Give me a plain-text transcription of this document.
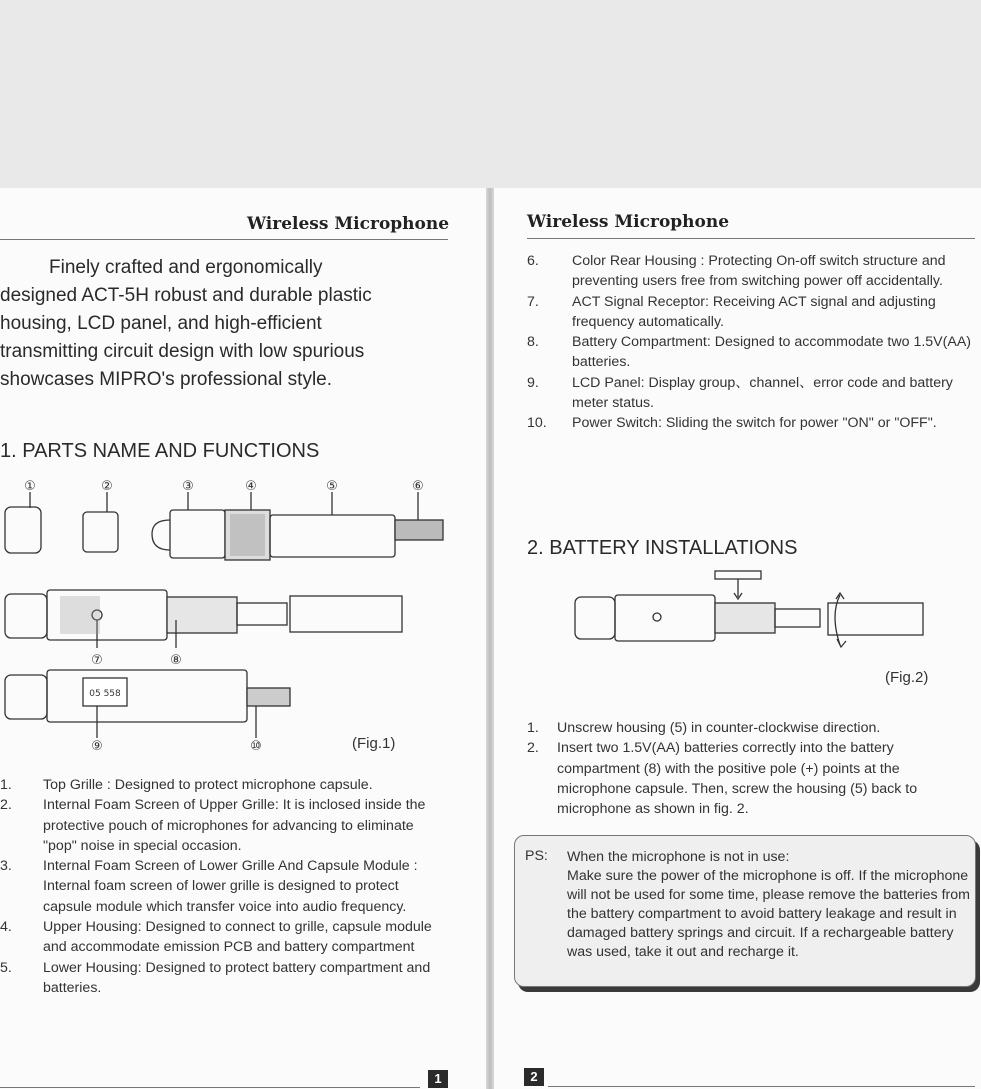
Wireless Microphone
Finely crafted and ergonomically
designed ACT-5H robust and durable plastic
housing, LCD panel, and high-efficient
transmitting circuit design with low spurious
showcases MIPRO's professional style.
1. PARTS NAME AND FUNCTIONS
①	②	③	④	⑤	⑥
⑦	⑧
⑨	⑩
05 558
(Fig.1)
1. Top Grille : Designed to protect microphone capsule.
2. Internal Foam Screen of Upper Grille: It is inclosed inside the protective pouch of microphones for advancing to eliminate "pop" noise in special occasion.
3. Internal Foam Screen of Lower Grille And Capsule Module : Internal foam screen of lower grille is designed to protect capsule module which transfer voice into audio frequency.
4. Upper Housing: Designed to connect to grille, capsule module and accommodate emission PCB and battery compartment
5. Lower Housing: Designed to protect battery compartment and batteries.
1
Wireless Microphone
6. Color Rear Housing : Protecting On-off switch structure and preventing users free from switching power off accidentally.
7. ACT Signal Receptor: Receiving ACT signal and adjusting frequency automatically.
8. Battery Compartment: Designed to accommodate two 1.5V(AA) batteries.
9. LCD Panel: Display group、channel、error code and battery meter status.
10. Power Switch: Sliding the switch for power "ON" or "OFF".
2. BATTERY INSTALLATIONS
(Fig.2)
1. Unscrew housing (5) in counter-clockwise direction.
2. Insert two 1.5V(AA) batteries correctly into the battery compartment (8) with the positive pole (+) points at the microphone capsule. Then, screw the housing (5) back to microphone as shown in fig. 2.
PS: When the microphone is not in use:
Make sure the power of the microphone is off. If the microphone will not be used for some time, please remove the batteries from the battery compartment to avoid battery leakage and result in damaged battery springs and circuit. If a rechargeable battery was used, take it out and recharge it.
2
